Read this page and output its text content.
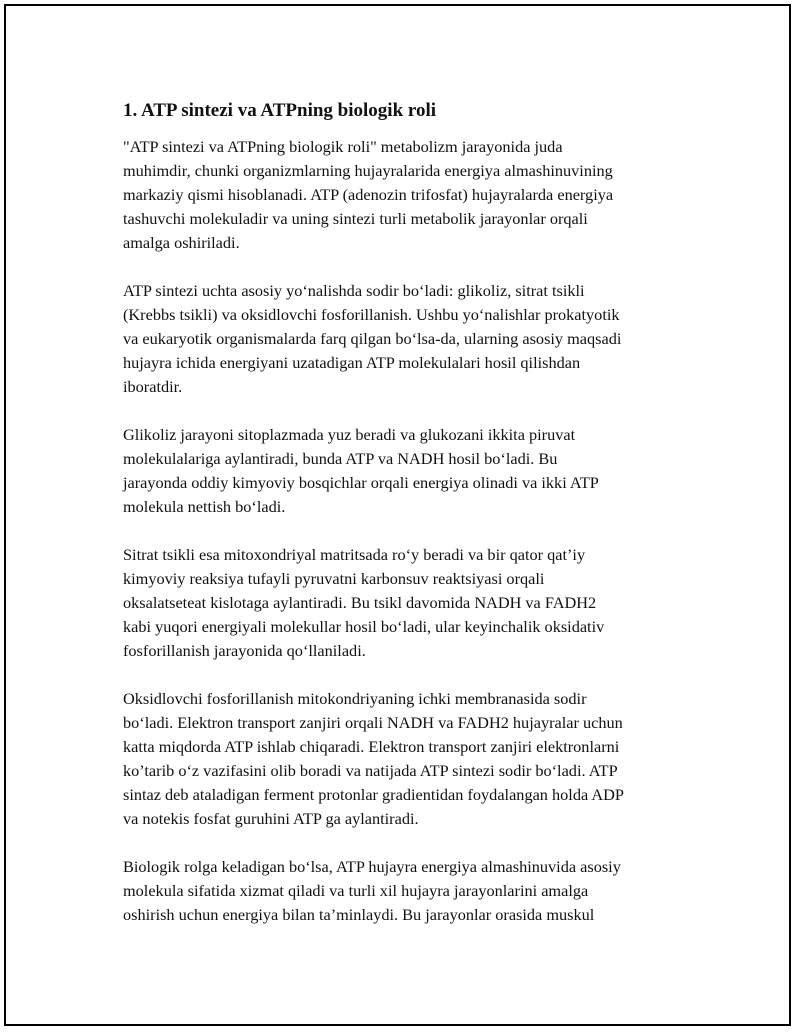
1. ATP sintezi va ATPning biologik roli
"ATP sintezi va ATPning biologik roli" metabolizm jarayonida juda
muhimdir, chunki organizmlarning hujayralarida energiya almashinuvining
markaziy qismi hisoblanadi. ATP (adenozin trifosfat) hujayralarda energiya
tashuvchi molekuladir va uning sintezi turli metabolik jarayonlar orqali
amalga oshiriladi.
ATP sintezi uchta asosiy yo‘nalishda sodir bo‘ladi: glikoliz, sitrat tsikli
(Krebbs tsikli) va oksidlovchi fosforillanish. Ushbu yo‘nalishlar prokatyotik
va eukaryotik organismalarda farq qilgan bo‘lsa-da, ularning asosiy maqsadi
hujayra ichida energiyani uzatadigan ATP molekulalari hosil qilishdan
iboratdir.
Glikoliz jarayoni sitoplazmada yuz beradi va glukozani ikkita piruvat
molekulalariga aylantiradi, bunda ATP va NADH hosil bo‘ladi. Bu
jarayonda oddiy kimyoviy bosqichlar orqali energiya olinadi va ikki ATP
molekula nettish bo‘ladi.
Sitrat tsikli esa mitoxondriyal matritsada ro‘y beradi va bir qator qat’iy
kimyoviy reaksiya tufayli pyruvatni karbonsuv reaktsiyasi orqali
oksalatseteat kislotaga aylantiradi. Bu tsikl davomida NADH va FADH2
kabi yuqori energiyali molekullar hosil bo‘ladi, ular keyinchalik oksidativ
fosforillanish jarayonida qo‘llaniladi.
Oksidlovchi fosforillanish mitokondriyaning ichki membranasida sodir
bo‘ladi. Elektron transport zanjiri orqali NADH va FADH2 hujayralar uchun
katta miqdorda ATP ishlab chiqaradi. Elektron transport zanjiri elektronlarni
ko’tarib o‘z vazifasini olib boradi va natijada ATP sintezi sodir bo‘ladi. ATP
sintaz deb ataladigan ferment protonlar gradientidan foydalangan holda ADP
va notekis fosfat guruhini ATP ga aylantiradi.
Biologik rolga keladigan bo‘lsa, ATP hujayra energiya almashinuvida asosiy
molekula sifatida xizmat qiladi va turli xil hujayra jarayonlarini amalga
oshirish uchun energiya bilan ta’minlaydi. Bu jarayonlar orasida muskul
